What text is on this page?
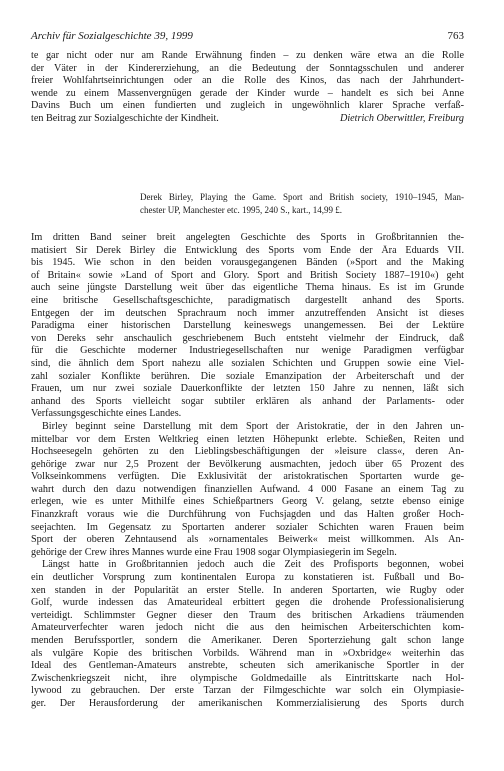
Archiv für Sozialgeschichte 39, 1999	763

te gar nicht oder nur am Rande Erwähnung finden – zu denken wäre etwa an die Rolle
der Väter in der Kindererziehung, an die Bedeutung der Sonntagsschulen und anderer
freier Wohlfahrtseinrichtungen oder an die Rolle des Kinos, das nach der Jahrhundert-
wende zu einem Massenvergnügen gerade der Kinder wurde – handelt es sich bei Anne
Davins Buch um einen fundierten und zugleich in ungewöhnlich klarer Sprache verfaß-
ten Beitrag zur Sozialgeschichte der Kindheit.	Dietrich Oberwittler, Freiburg

Derek Birley, Playing the Game. Sport and British society, 1910–1945, Man-
chester UP, Manchester etc. 1995, 240 S., kart., 14,99 £.

Im dritten Band seiner breit angelegten Geschichte des Sports in Großbritannien the-
matisiert Sir Derek Birley die Entwicklung des Sports vom Ende der Ära Eduards VII.
bis 1945. Wie schon in den beiden vorausgegangenen Bänden (»Sport and the Making
of Britain« sowie »Land of Sport and Glory. Sport and British Society 1887–1910«) geht
auch seine jüngste Darstellung weit über das eigentliche Thema hinaus. Es ist im Grunde
eine britische Gesellschaftsgeschichte, paradigmatisch dargestellt anhand des Sports.
Entgegen der im deutschen Sprachraum noch immer anzutreffenden Ansicht ist dieses
Paradigma einer historischen Darstellung keineswegs unangemessen. Bei der Lektüre
von Dereks sehr anschaulich geschriebenem Buch entsteht vielmehr der Eindruck, daß
für die Geschichte moderner Industriegesellschaften nur wenige Paradigmen verfügbar
sind, die ähnlich dem Sport nahezu alle sozialen Schichten und Gruppen sowie eine Viel-
zahl sozialer Konflikte berühren. Die soziale Emanzipation der Arbeiterschaft und der
Frauen, um nur zwei soziale Dauerkonflikte der letzten 150 Jahre zu nennen, läßt sich
anhand des Sports vielleicht sogar subtiler erklären als anhand der Parlaments- oder
Verfassungsgeschichte eines Landes.

Birley beginnt seine Darstellung mit dem Sport der Aristokratie, der in den Jahren un-
mittelbar vor dem Ersten Weltkrieg einen letzten Höhepunkt erlebte. Schießen, Reiten und
Hochseesegeln gehörten zu den Lieblingsbeschäftigungen der »leisure class«, deren An-
gehörige zwar nur 2,5 Prozent der Bevölkerung ausmachten, jedoch über 65 Prozent des
Volkseinkommens verfügten. Die Exklusivität der aristokratischen Sportarten wurde ge-
wahrt durch den dazu notwendigen finanziellen Aufwand. 4 000 Fasane an einem Tag zu
erlegen, wie es unter Mithilfe eines Schießpartners Georg V. gelang, setzte ebenso einige
Finanzkraft voraus wie die Durchführung von Fuchsjagden und das Halten großer Hoch-
seejachten. Im Gegensatz zu Sportarten anderer sozialer Schichten waren Frauen beim
Sport der oberen Zehntausend als »ornamentales Beiwerk« meist willkommen. Als An-
gehörige der Crew ihres Mannes wurde eine Frau 1908 sogar Olympiasiegerin im Segeln.

Längst hatte in Großbritannien jedoch auch die Zeit des Profisports begonnen, wobei
ein deutlicher Vorsprung zum kontinentalen Europa zu konstatieren ist. Fußball und Bo-
xen standen in der Popularität an erster Stelle. In anderen Sportarten, wie Rugby oder
Golf, wurde indessen das Amateurideal erbittert gegen die drohende Professionalisierung
verteidigt. Schlimmster Gegner dieser den Traum des britischen Arkadiens träumenden
Amateurverfechter waren jedoch nicht die aus den heimischen Arbeiterschichten kom-
menden Berufssportler, sondern die Amerikaner. Deren Sporterziehung galt schon lange
als vulgäre Kopie des britischen Vorbilds. Während man in »Oxbridge« weiterhin das
Ideal des Gentleman-Amateurs anstrebte, scheuten sich amerikanische Sportler in der
Zwischenkriegszeit nicht, ihre olympische Goldmedaille als Eintrittskarte nach Hol-
lywood zu gebrauchen. Der erste Tarzan der Filmgeschichte war solch ein Olympiasie-
ger. Der Herausforderung der amerikanischen Kommerzialisierung des Sports durch
